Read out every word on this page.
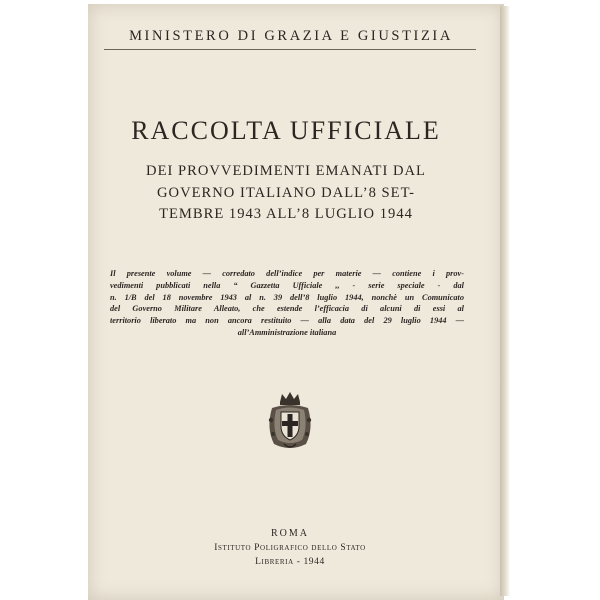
MINISTERO DI GRAZIA E GIUSTIZIA
RACCOLTA UFFICIALE
DEI PROVVEDIMENTI EMANATI DAL
GOVERNO ITALIANO DALL’8 SET-
TEMBRE 1943 ALL’8 LUGLIO 1944
Il presente volume — corredato dell’indice per materie — contiene i prov-
vedimenti pubblicati nella “ Gazzetta Ufficiale ,, - serie speciale - dal
n. 1/B del 18 novembre 1943 al n. 39 dell’8 luglio 1944, nonchè un Comunicato
del Governo Militare Alleato, che estende l’efficacia di alcuni di essi al
territorio liberato ma non ancora restituito — alla data del 29 luglio 1944 —
all’Amministrazione italiana
ROMA
Istituto Poligrafico dello Stato
Libreria - 1944
